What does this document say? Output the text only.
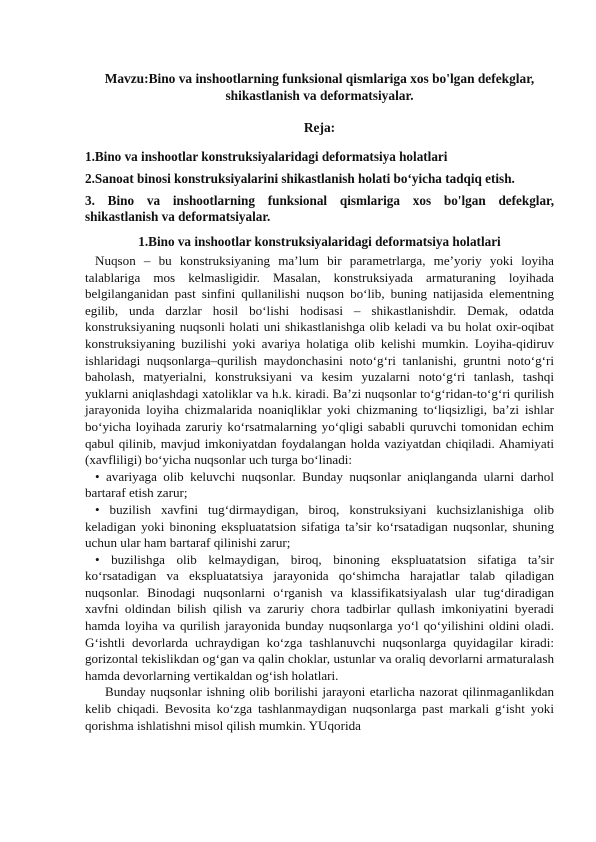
Mavzu:Bino va inshootlarning funksional qismlariga xos bo'lgan defekglar, shikastlanish va deformatsiyalar.

Reja:

1.Bino va inshootlar konstruksiyalaridagi deformatsiya holatlari

2.Sanoat binosi konstruksiyalarini shikastlanish holati bo‘yicha tadqiq etish.

3. Bino va inshootlarning funksional qismlariga xos bo'lgan defekglar, shikastlanish va deformatsiyalar.

1.Bino va inshootlar konstruksiyalaridagi deformatsiya holatlari

Nuqson – bu konstruksiyaning ma’lum bir parametrlarga, me’yoriy yoki loyiha talablariga mos kelmasligidir. Masalan, konstruksiyada armaturaning loyihada belgilanganidan past sinfini qullanilishi nuqson bo‘lib, buning natijasida elementning egilib, unda darzlar hosil bo‘lishi hodisasi – shikastlanishdir. Demak, odatda konstruksiyaning nuqsonli holati uni shikastlanishga olib keladi va bu holat oxir-oqibat konstruksiyaning buzilishi yoki avariya holatiga olib kelishi mumkin. Loyiha-qidiruv ishlaridagi nuqsonlarga–qurilish maydonchasini noto‘g‘ri tanlanishi, gruntni noto‘g‘ri baholash, matyerialni, konstruksiyani va kesim yuzalarni noto‘g‘ri tanlash, tashqi yuklarni aniqlashdagi xatoliklar va h.k. kiradi. Ba’zi nuqsonlar to‘g‘ridan-to‘g‘ri qurilish jarayonida loyiha chizmalarida noaniqliklar yoki chizmaning to‘liqsizligi, ba’zi ishlar bo‘yicha loyihada zaruriy ko‘rsatmalarning yo‘qligi sababli quruvchi tomonidan echim qabul qilinib, mavjud imkoniyatdan foydalangan holda vaziyatdan chiqiladi. Ahamiyati (xavfliligi) bo‘yicha nuqsonlar uch turga bo‘linadi:

• avariyaga olib keluvchi nuqsonlar. Bunday nuqsonlar aniqlanganda ularni darhol bartaraf etish zarur;

• buzilish xavfini tug‘dirmaydigan, biroq, konstruksiyani kuchsizlanishiga olib keladigan yoki binoning ekspluatatsion sifatiga ta’sir ko‘rsatadigan nuqsonlar, shuning uchun ular ham bartaraf qilinishi zarur;

• buzilishga olib kelmaydigan, biroq, binoning ekspluatatsion sifatiga ta’sir ko‘rsatadigan va ekspluatatsiya jarayonida qo‘shimcha harajatlar talab qiladigan nuqsonlar. Binodagi nuqsonlarni o‘rganish va klassifikatsiyalash ular tug‘diradigan xavfni oldindan bilish qilish va zaruriy chora tadbirlar qullash imkoniyatini byeradi hamda loyiha va qurilish jarayonida bunday nuqsonlarga yo‘l qo‘yilishini oldini oladi. G‘ishtli devorlarda uchraydigan ko‘zga tashlanuvchi nuqsonlarga quyidagilar kiradi: gorizontal tekislikdan og‘gan va qalin choklar, ustunlar va oraliq devorlarni armaturalash hamda devorlarning vertikaldan og‘ish holatlari.

Bunday nuqsonlar ishning olib borilishi jarayoni etarlicha nazorat qilinmaganlikdan kelib chiqadi. Bevosita ko‘zga tashlanmaydigan nuqsonlarga past markali g‘isht yoki qorishma ishlatishni misol qilish mumkin. YUqorida
